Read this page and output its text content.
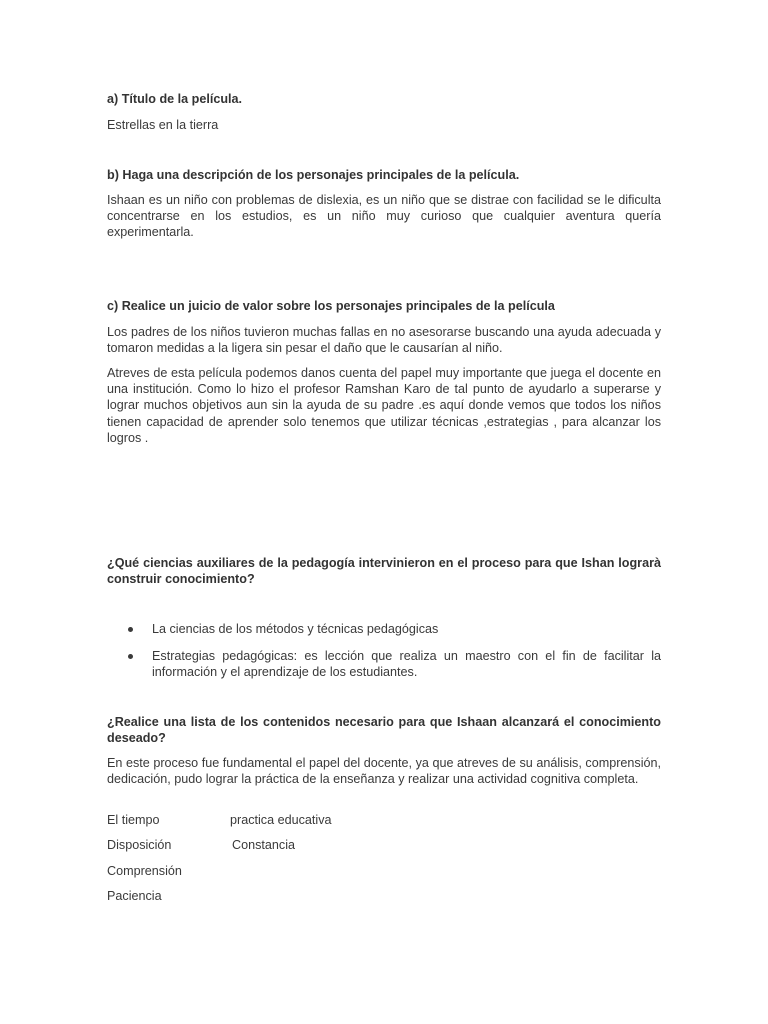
a) Título de la película.

Estrellas en la tierra

b) Haga una descripción de los personajes principales de la película.

Ishaan es un niño con problemas de dislexia, es un niño que se distrae con facilidad se le dificulta concentrarse en los estudios, es un niño muy curioso que cualquier aventura quería experimentarla.

c) Realice un juicio de valor sobre los personajes principales de la película

Los padres de los niños tuvieron muchas fallas en no asesorarse buscando una ayuda adecuada y tomaron medidas a la ligera sin pesar el daño que le causarían al niño.

Atreves de esta película podemos danos cuenta del papel muy importante que juega el docente en una institución. Como lo hizo el profesor Ramshan Karo de tal punto de ayudarlo a superarse y lograr muchos objetivos aun sin la ayuda de su padre .es aquí donde vemos que todos los niños tienen capacidad de aprender solo tenemos que utilizar técnicas ,estrategias , para alcanzar los logros .

¿Qué ciencias auxiliares de la pedagogía intervinieron en el proceso para que Ishan lograrà construir conocimiento?

La ciencias de los métodos y técnicas pedagógicas
Estrategias pedagógicas: es lección que realiza un maestro con el fin de facilitar la información y el aprendizaje de los estudiantes.

¿Realice una lista de los contenidos necesario para que Ishaan alcanzará el conocimiento deseado?

En este proceso fue fundamental el papel del docente, ya que atreves de su análisis, comprensión, dedicación, pudo lograr la práctica de la enseñanza y realizar una actividad cognitiva completa.

El tiempo	practica educativa
Disposición	Constancia
Comprensión
Paciencia
